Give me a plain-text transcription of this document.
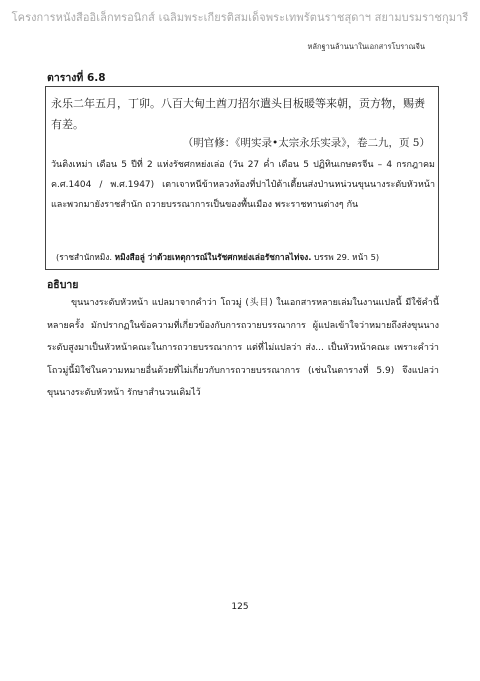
โครงการหนังสืออิเล็กทรอนิกส์ เฉลิมพระเกียรติสมเด็จพระเทพรัตนราชสุดาฯ สยามบรมราชกุมารี
หลักฐานล้านนาในเอกสารโบราณจีน
ตารางที่ 6.8
永乐二年五月，丁卯。八百大甸土酋刀招尔遣头目板暖等来朝，贡方物，赐赉有差。
（明官修：《明实录•太宗永乐实录》，卷二九，页 5）
วันติงเหม่า เดือน 5 ปีที่ 2 แห่งรัชศกหย่งเล่อ (วัน 27 ค่ำ เดือน 5 ปฏิทินเกษตรจีน – 4 กรกฎาคม ค.ศ.1404 / พ.ศ.1947) เตาเจาหนีข้าหลวงท้องที่ปาไป๋ต้าเตี้ยนส่งป่านหน่วนขุนนางระดับหัวหน้าและพวกมายังราชสำนัก ถวายบรรณาการเป็นของพื้นเมือง พระราชทานต่างๆ กัน
(ราชสำนักหมิง. หมิงสือลู่ ว่าด้วยเหตุการณ์ในรัชศกหย่งเล่อรัชกาลไท่จง. บรรพ 29. หน้า 5)
อธิบาย
ขุนนางระดับหัวหน้า แปลมาจากคำว่า โถวมู่ (头目) ในเอกสารหลายเล่มในงานแปลนี้ มีใช้คำนี้หลายครั้ง มักปรากฏในข้อความที่เกี่ยวข้องกับการถวายบรรณาการ ผู้แปลเข้าใจว่าหมายถึงส่งขุนนางระดับสูงมาเป็นหัวหน้าคณะในการถวายบรรณาการ แต่ที่ไม่แปลว่า ส่ง... เป็นหัวหน้าคณะ เพราะคำว่าโถวมู่นี้มิใช่ในความหมายอื่นด้วยที่ไม่เกี่ยวกับการถวายบรรณาการ (เช่นในตารางที่ 5.9) จึงแปลว่าขุนนางระดับหัวหน้า รักษาสำนวนเดิมไว้
125
